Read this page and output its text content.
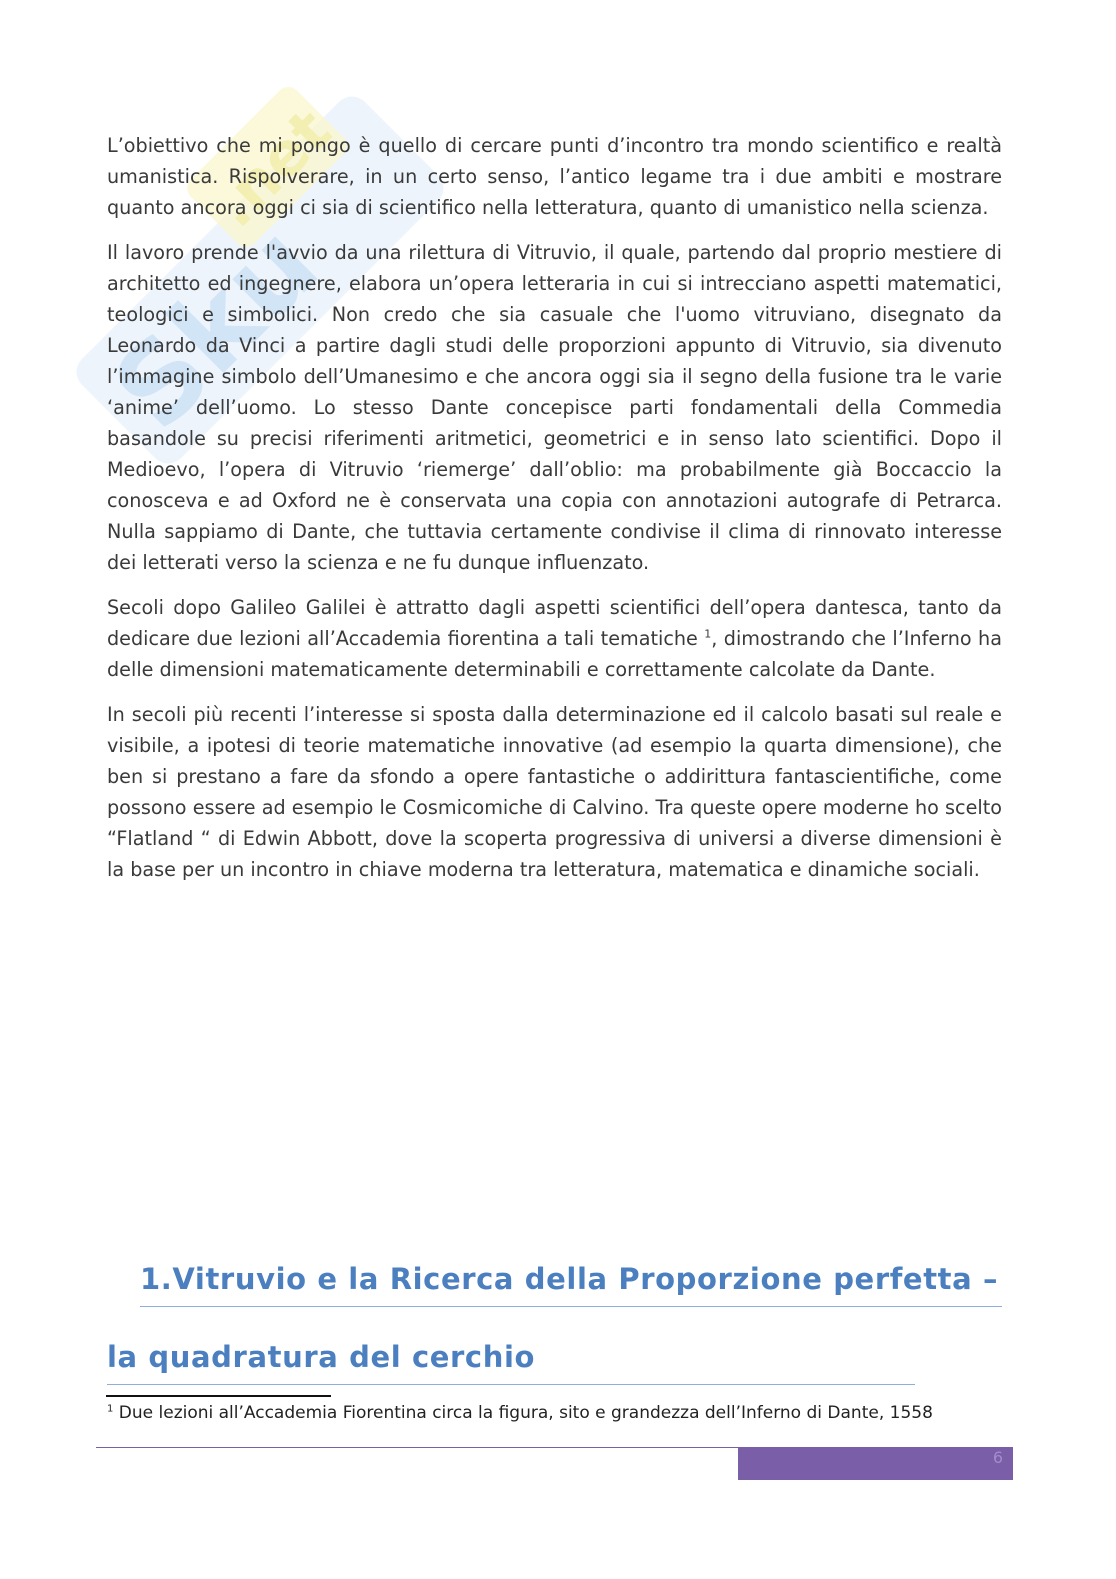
Sku
.net

L’obiettivo che mi pongo è quello di cercare punti d’incontro tra mondo scientifico e realtà umanistica. Rispolverare, in un certo senso, l’antico legame tra i due ambiti e mostrare quanto ancora oggi ci sia di scientifico nella letteratura, quanto di umanistico nella scienza.

Il lavoro prende l'avvio da una rilettura di Vitruvio, il quale, partendo dal proprio mestiere di architetto ed ingegnere, elabora un’opera letteraria in cui si intrecciano aspetti matematici, teologici e simbolici. Non credo che sia casuale che l'uomo vitruviano, disegnato da Leonardo da Vinci a partire dagli studi delle proporzioni appunto di Vitruvio, sia divenuto l’immagine simbolo dell’Umanesimo e che ancora oggi sia il segno della fusione tra le varie ‘anime’ dell’uomo. Lo stesso Dante concepisce parti fondamentali della Commedia basandole su precisi riferimenti aritmetici, geometrici e in senso lato scientifici. Dopo il Medioevo, l’opera di Vitruvio ‘riemerge’ dall’oblio: ma probabilmente già Boccaccio la conosceva e ad Oxford ne è conservata una copia con annotazioni autografe di Petrarca. Nulla sappiamo di Dante, che tuttavia certamente condivise il clima di rinnovato interesse dei letterati verso la scienza e ne fu dunque influenzato.

Secoli dopo Galileo Galilei è attratto dagli aspetti scientifici dell’opera dantesca, tanto da dedicare due lezioni all’Accademia fiorentina a tali tematiche $^1$, dimostrando che l’Inferno ha delle dimensioni matematicamente determinabili e correttamente calcolate da Dante.

In secoli più recenti l’interesse si sposta dalla determinazione ed il calcolo basati sul reale e visibile, a ipotesi di teorie matematiche innovative (ad esempio la quarta dimensione), che ben si prestano a fare da sfondo a opere fantastiche o addirittura fantascientifiche, come possono essere ad esempio le Cosmicomiche di Calvino. Tra queste opere moderne ho scelto “Flatland “ di Edwin Abbott, dove la scoperta progressiva di universi a diverse dimensioni è la base per un incontro in chiave moderna tra letteratura, matematica e dinamiche sociali.

1.Vitruvio e la Ricerca della Proporzione perfetta –
la quadratura del cerchio
$^1$ Due lezioni all’Accademia Fiorentina circa la figura, sito e grandezza dell’Inferno di Dante, 1558
6
